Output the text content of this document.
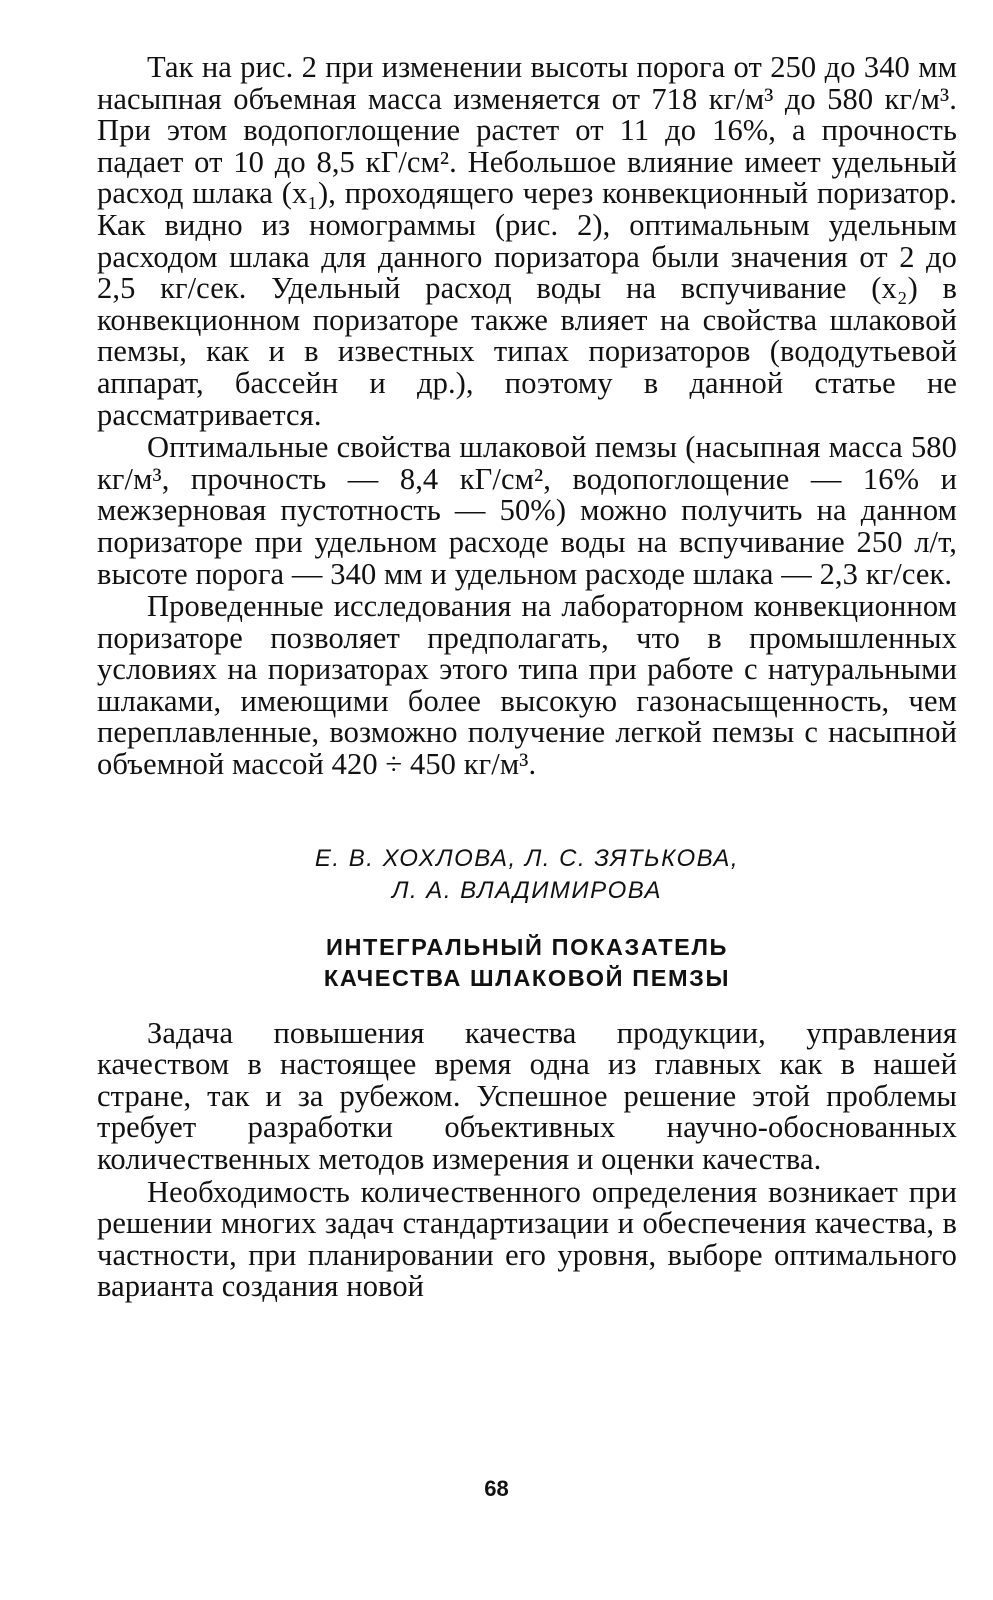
Так на рис. 2 при изменении высоты порога от 250 до 340 мм насыпная объемная масса изменяется от 718 кг/м³ до 580 кг/м³. При этом водопоглощение растет от 11 до 16%, а прочность падает от 10 до 8,5 кГ/см². Небольшое влияние имеет удельный расход шлака (x₁), проходящего через конвекционный поризатор. Как видно из номограммы (рис. 2), оптимальным удельным расходом шлака для данного поризатора были значения от 2 до 2,5 кг/сек. Удельный расход воды на вспучивание (x₂) в конвекционном поризаторе также влияет на свойства шлаковой пемзы, как и в известных типах поризаторов (вододутьевой аппарат, бассейн и др.), поэтому в данной статье не рассматривается.

Оптимальные свойства шлаковой пемзы (насыпная масса 580 кг/м³, прочность — 8,4 кГ/см², водопоглощение — 16% и межзерновая пустотность — 50%) можно получить на данном поризаторе при удельном расходе воды на вспучивание 250 л/т, высоте порога — 340 мм и удельном расходе шлака — 2,3 кг/сек.

Проведенные исследования на лабораторном конвекционном поризаторе позволяет предполагать, что в промышленных условиях на поризаторах этого типа при работе с натуральными шлаками, имеющими более высокую газонасыщенность, чем переплавленные, возможно получение легкой пемзы с насыпной объемной массой 420 ÷ 450 кг/м³.

Е. В. ХОХЛОВА, Л. С. ЗЯТЬКОВА,
Л. А. ВЛАДИМИРОВА
ИНТЕГРАЛЬНЫЙ ПОКАЗАТЕЛЬ
КАЧЕСТВА ШЛАКОВОЙ ПЕМЗЫ

Задача повышения качества продукции, управления качеством в настоящее время одна из главных как в нашей стране, так и за рубежом. Успешное решение этой проблемы требует разработки объективных научно-обоснованных количественных методов измерения и оценки качества.

Необходимость количественного определения возникает при решении многих задач стандартизации и обеспечения качества, в частности, при планировании его уровня, выборе оптимального варианта создания новой

68
